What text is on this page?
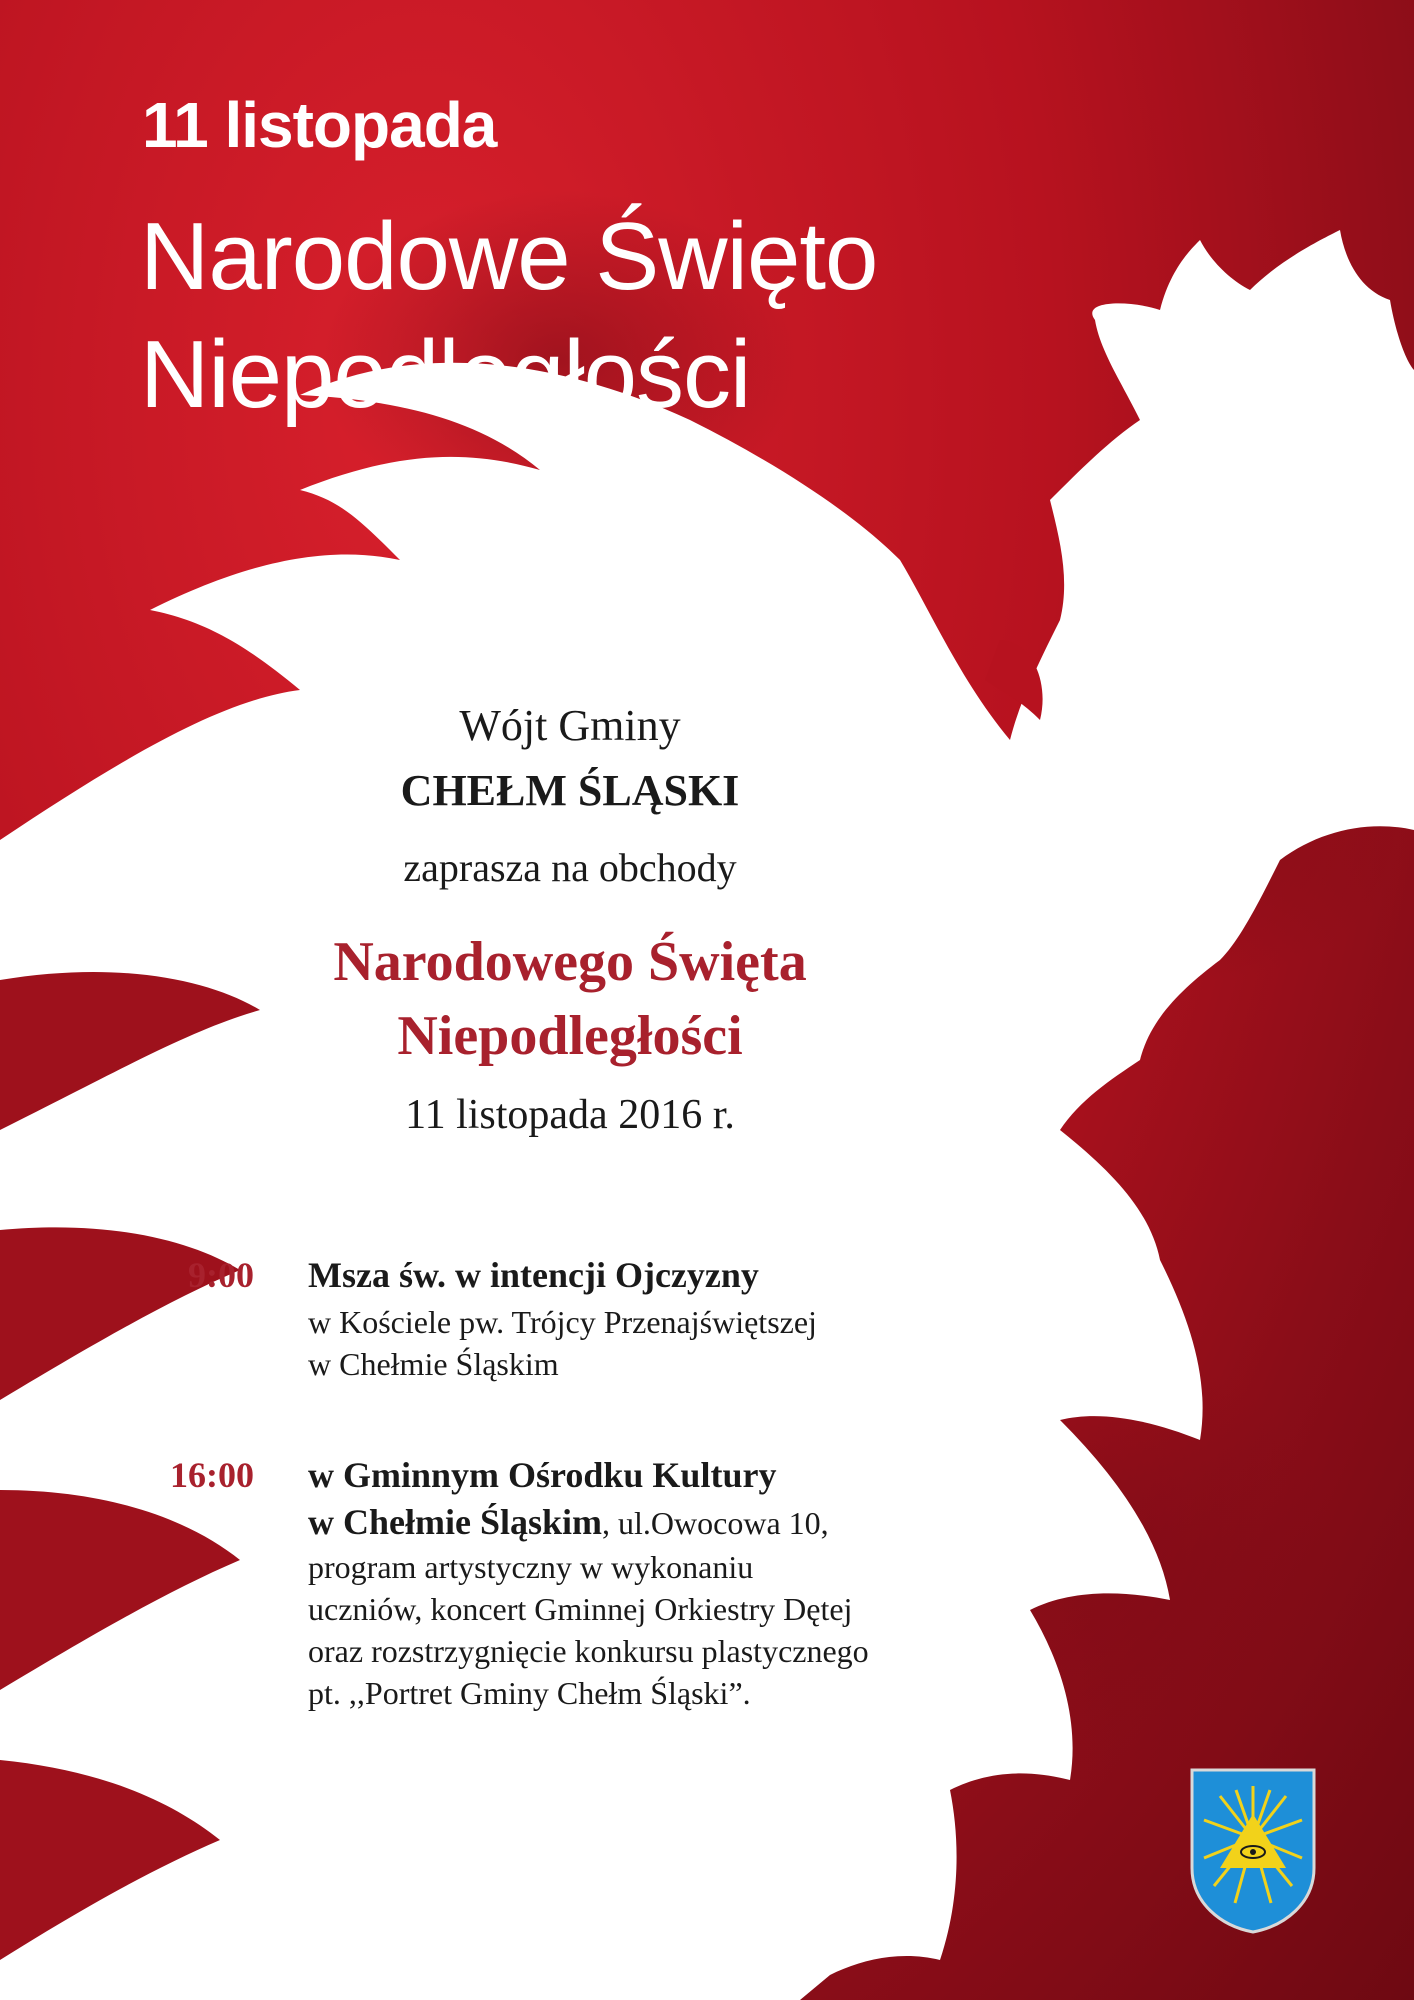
11 listopada
Narodowe Święto
Niepodległości
Wójt Gminy
CHEŁM ŚLĄSKI
zaprasza na obchody
Narodowego Święta
Niepodległości
11 listopada 2016 r.
9:00 Msza św. w intencji Ojczyzny
w Kościele pw. Trójcy Przenajświętszej
w Chełmie Śląskim
16:00 w Gminnym Ośrodku Kultury
w Chełmie Śląskim, ul.Owocowa 10,
program artystyczny w wykonaniu
uczniów, koncert Gminnej Orkiestry Dętej
oraz rozstrzygnięcie konkursu plastycznego
pt. ,,Portret Gminy Chełm Śląski”.
